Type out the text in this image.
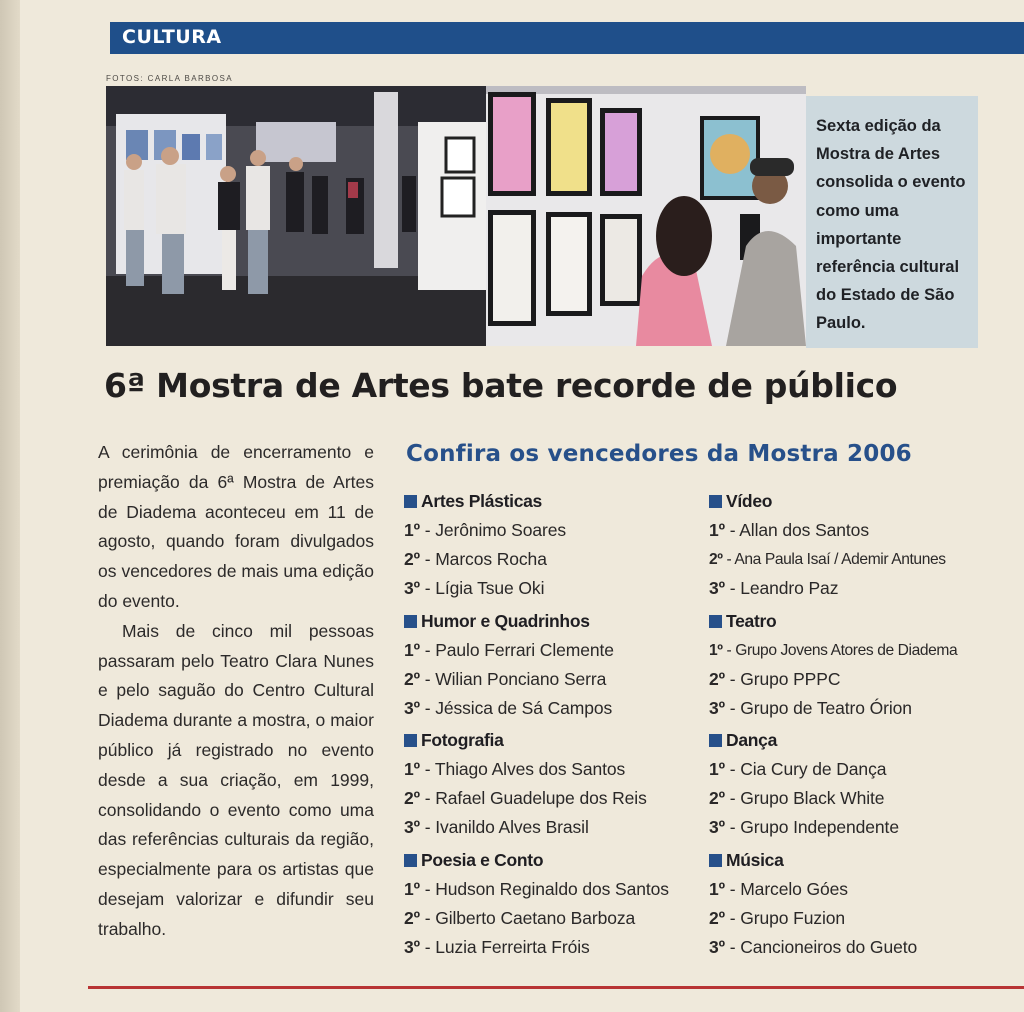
CULTURA
FOTOS: CARLA BARBOSA
Sexta edição da Mostra de Artes consolida o evento como uma importante referência cultural do Estado de São Paulo.
6ª Mostra de Artes bate recorde de público

A cerimônia de encerramento e premiação da 6ª Mostra de Artes de Diadema aconteceu em 11 de agosto, quando foram divulgados os vencedores de mais uma edição do evento.

Mais de cinco mil pessoas passaram pelo Teatro Clara Nunes e pelo saguão do Centro Cultural Diadema durante a mostra, o maior público já registrado no evento desde a sua criação, em 1999, consolidando o evento como uma das referências culturais da região, especialmente para os artistas que desejam valorizar e difundir seu trabalho.

Confira os vencedores da Mostra 2006
Artes Plásticas
1º - Jerônimo Soares
2º - Marcos Rocha
3º - Lígia Tsue Oki
Humor e Quadrinhos
1º - Paulo Ferrari Clemente
2º - Wilian Ponciano Serra
3º - Jéssica de Sá Campos
Fotografia
1º - Thiago Alves dos Santos
2º - Rafael Guadelupe dos Reis
3º - Ivanildo Alves Brasil
Poesia e Conto
1º - Hudson Reginaldo dos Santos
2º - Gilberto Caetano Barboza
3º - Luzia Ferreirta Fróis
Vídeo
1º - Allan dos Santos
2º - Ana Paula Isaí / Ademir Antunes
3º - Leandro Paz
Teatro
1º - Grupo Jovens Atores de Diadema
2º - Grupo PPPC
3º - Grupo de Teatro Órion
Dança
1º - Cia Cury de Dança
2º - Grupo Black White
3º - Grupo Independente
Música
1º - Marcelo Góes
2º - Grupo Fuzion
3º - Cancioneiros do Gueto
